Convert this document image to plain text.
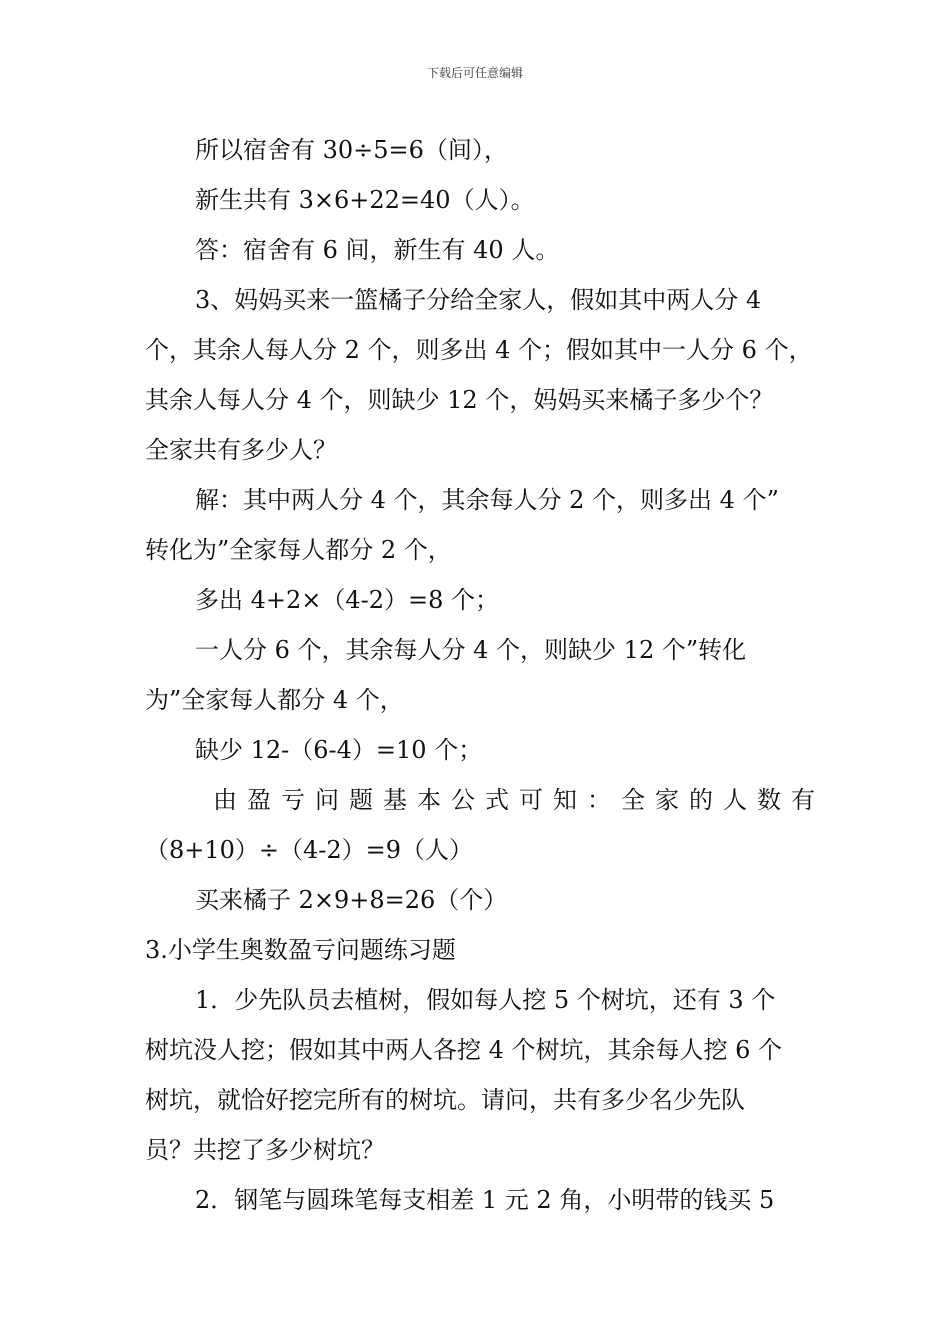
下载后可任意编辑
所以宿舍有 30÷5=6（间），
新生共有 3×6+22=40（人）。
答：宿舍有 6 间，新生有 40 人。
3、妈妈买来一篮橘子分给全家人，假如其中两人分 4
个，其余人每人分 2 个，则多出 4 个；假如其中一人分 6 个，
其余人每人分 4 个，则缺少 12 个，妈妈买来橘子多少个？
全家共有多少人？
解：其中两人分 4 个，其余每人分 2 个，则多出 4 个”
转化为”全家每人都分 2 个，
多出 4+2×（4-2）=8 个；
一人分 6 个，其余每人分 4 个，则缺少 12 个”转化
为”全家每人都分 4 个，
缺少 12-（6-4）=10 个；
由盈亏问题基本公式可知：全家的人数有
（8+10）÷（4-2）=9（人）
买来橘子 2×9+8=26（个）
3.小学生奥数盈亏问题练习题
1．少先队员去植树，假如每人挖 5 个树坑，还有 3 个
树坑没人挖；假如其中两人各挖 4 个树坑，其余每人挖 6 个
树坑，就恰好挖完所有的树坑。请问，共有多少名少先队
员？共挖了多少树坑？
2．钢笔与圆珠笔每支相差 1 元 2 角，小明带的钱买 5
